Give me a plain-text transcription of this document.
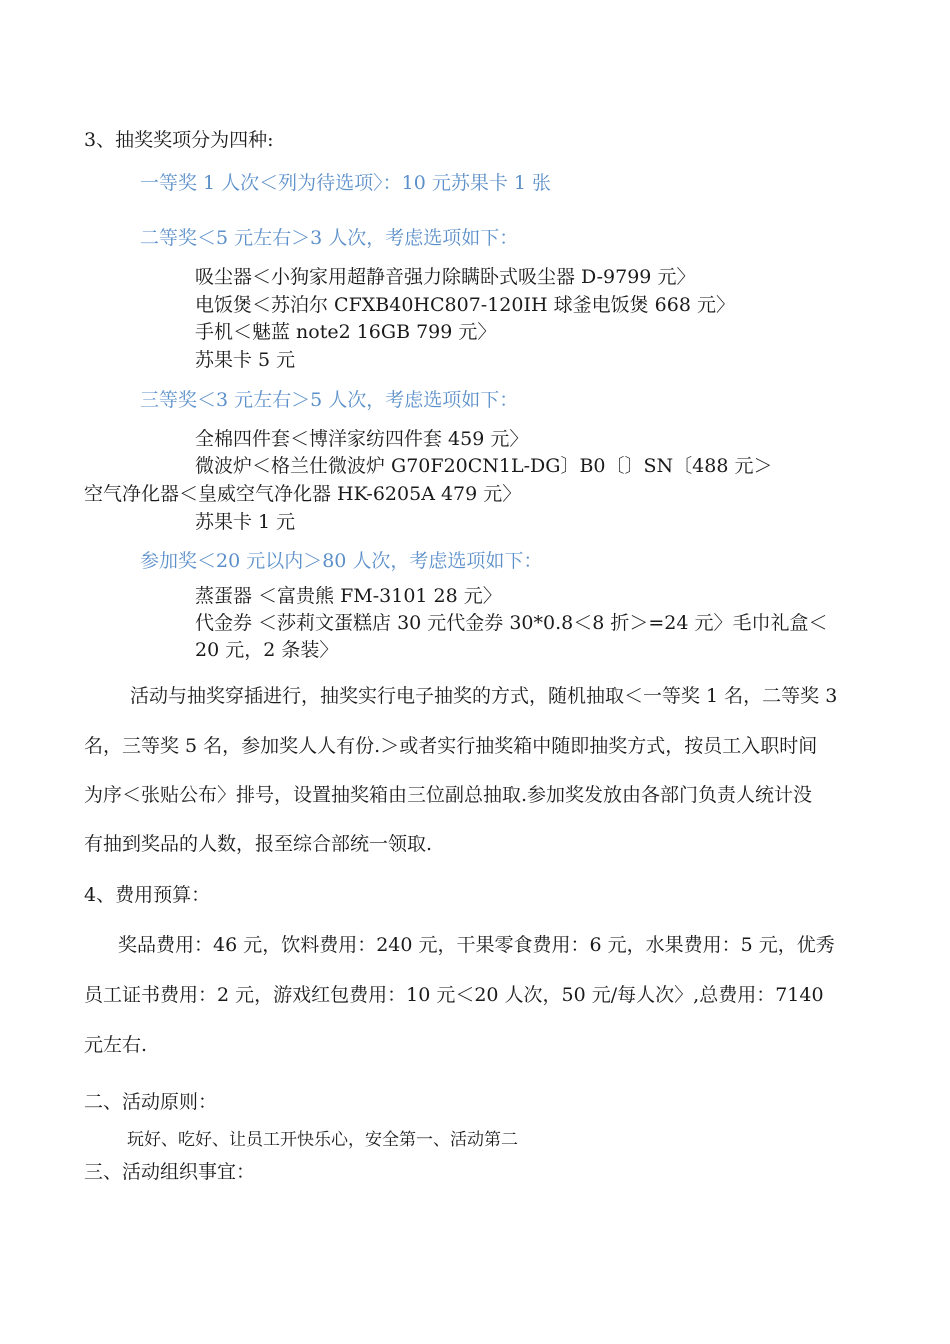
3、抽奖奖项分为四种:
一等奖 1 人次＜列为待选项〉：10 元苏果卡 1 张
二等奖＜5 元左右＞3 人次，考虑选项如下：
吸尘器＜小狗家用超静音强力除瞒卧式吸尘器 D-9799 元〉
电饭煲＜苏泊尔 CFXB40HC807-120IH 球釜电饭煲 668 元〉
手机＜魅蓝 note2 16GB 799 元〉
苏果卡 5 元
三等奖＜3 元左右＞5 人次，考虑选项如下：
全棉四件套＜博洋家纺四件套 459 元〉
微波炉＜格兰仕微波炉 G70F20CN1L-DG〕B0〔〕SN〔488 元＞
空气净化器＜皇威空气净化器 HK-6205A 479 元〉
苏果卡 1 元
参加奖＜20 元以内＞80 人次，考虑选项如下：
蒸蛋器 ＜富贵熊 FM-3101 28 元〉
代金券 ＜莎莉文蛋糕店 30 元代金券 30*0.8＜8 折＞=24 元〉毛巾礼盒＜
20 元，2 条装〉
活动与抽奖穿插进行，抽奖实行电子抽奖的方式，随机抽取＜一等奖 1 名，二等奖 3
名，三等奖 5 名，参加奖人人有份.＞或者实行抽奖箱中随即抽奖方式，按员工入职时间
为序＜张贴公布〉排号，设置抽奖箱由三位副总抽取.参加奖发放由各部门负责人统计没
有抽到奖品的人数，报至综合部统一领取.
4、费用预算：
奖品费用：46 元，饮料费用：240 元，干果零食费用：6 元，水果费用：5 元，优秀
员工证书费用：2 元，游戏红包费用：10 元＜20 人次，50 元/每人次〉,总费用：7140
元左右.
二、活动原则：
玩好、吃好、让员工开快乐心，安全第一、活动第二
三、活动组织事宜：
